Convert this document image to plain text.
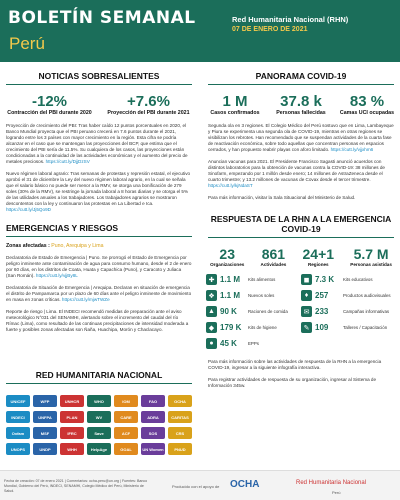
BOLETÍN SEMANAL
Perú
Red Humanitaria Nacional (RHN)
07 DE ENERO DE 2021
NOTICIAS SOBRESALIENTES
-12%
Contracción del PBI durante 2020
+7.6%
Proyección del PBI durante 2021
Proyección de crecimiento del PBI: Tras haber caído 12 puntos porcentuales en 2020, el Banco Mundial proyecta que el PBI peruano crecerá en 7.6 puntos durante el 2021, logrando entre los 3 países con mayor crecimiento en la región. Esta cifra se podría alcanzar en el caso que se mantengan las proyecciones del BCP, que estima que el crecimiento del PBI sería de 11.5%. Su cualquiera de los casos, las proyecciones están condicionadas a la continuidad de las actividades económicas y el aumento del precio de metales preciosos. https://cutt.ly/DjjDzSV
Nuevo régimen laboral agrario: Tras semanas de protestas y represión estatal, el ejecutivo aprobó el 31 de diciembre la Ley del nuevo régimen laboral agrario, en la cual se señala que el salario básico no puede ser menor a la RMV, se otorga una bonificación de 279 soles (30% de la RMV), se restringe la jornada laboral a 8 horas diarias y se otorga el 5% de las utilidades anuales a los trabajadores. Los trabajadores agrarios se mostraron descontentos con la ley y continuaron las protestas en La Libertad e Ica. https://cutt.ly/Jj5Qo9D
EMERGENCIAS Y RIESGOS
Zonas afectadas : Puno, Arequipa y Lima
Declaratoria de Estado de Emergencia | Puno. Se prorrogó el Estado de Emergencia por peligro inminente ante contaminación de agua para consumo humano, desde el 2 de enero por 60 días, en los distritos de Coata, Huata y Capachica (Puno), y Caracoto y Juliaca (San Román). https://cutt.ly/vjjBy8L
Declaratoria de Situación de Emergencia | Arequipa. Declaran en situación de emergencia el distrito de Pampamarca por un plazo de 60 días ante el peligro inminente de movimiento en masa en zonas críticas. https://cutt.ly/mjwTWZe
Reporte de riesgo | Lima. El INDECI recomendó medidas de preparación ante el aviso meteorológico N°031 del SENAMHI, alertando sobre el incremento del caudal del río Rímac (Lima), como resultado de las continuas precipitaciones de intensidad moderada a fuerte y posibles zonas afectadas son Ñaña, Huachipa, Morón y Chaclacayo.
RED HUMANITARIA NACIONAL
UNICEF	WFP	UNHCR	WHO	IOM	FAO	OCHA
INDECI	UNFPA	PLAN	WV	CARE	ADRA	CARITAS
Oxfam	MSF	IFRC	Save	ACF	SOS	CRS
UNOPS	UNDP	WHH	HelpAge	GOAL	UN Women	PNUD
PANORAMA COVID-19
1 M
Casos confirmados
37.8 k
Personas fallecidas
83 %
Camas UCI ocupadas
Segunda ola en 3 regiones. El Colegio Médico del Perú sostuvo que en Lima, Lambayeque y Piura se experimenta una segunda ola de COVID-19, mientras en otras regiones se visibilizan los rebrotes. Han recomendado que se suspendan actividades de la cuarta fase de reactivación económica, sobre todo aquellas que concentran personas en espacios cerrados, y han propuesto reabrir playas con aforo limitado. https://cutt.ly/vjjxhm6
Anuncian vacunas para 2021. El Presidente Francisco Sagasti anunció acuerdos con distintos laboratorios para la obtención de vacunas contra la COVID-19: 38 millones de Sinofarm, empezando por 1 millón desde enero; 14 millones de AstraZeneca desde el cuarto trimestre; y 13.2 millones de vacunas de Covax desde el tercer trimestre. https://cutt.ly/kjNdaST
Para más información, visitar la Sala Situacional del Ministerio de Salud.
RESPUESTA DE LA RHN A LA EMERGENCIA COVID-19
23
Organizaciones
861
Actividades
24+1
Regiones
5.7 M
Personas asistidas
✚ 1.1 M	Kits alimentos
❖ 1.1 M	Nuevos soles
▲ 90 K	Raciones de comida
◆ 179 K	Kits de higiene
● 45 K	EPPs
◼ 7.3 K	Kits educativos
♦ 257	Productos audiovisuales
✉ 233	Campañas informativas
✎ 109	Talleres / Capacitación
Para más información sobre las actividades de respuesta de la RHN a la emergencia COVID-19, ingresar a la siguiente infografía interactiva.
Para registrar actividades de respuesta de su organización, ingresar al Sistema de Información 345w.
Fecha de creación: 07 de enero 2021 | Comentarios: ocha-peru@un.org | Fuentes: Banco Mundial, Gobierno del Perú, INDECI, SENAMHI, Colegio Médico del Perú, Ministerio de Salud.
Producido con el apoyo de OCHA	Red Humanitaria Nacional
Perú
